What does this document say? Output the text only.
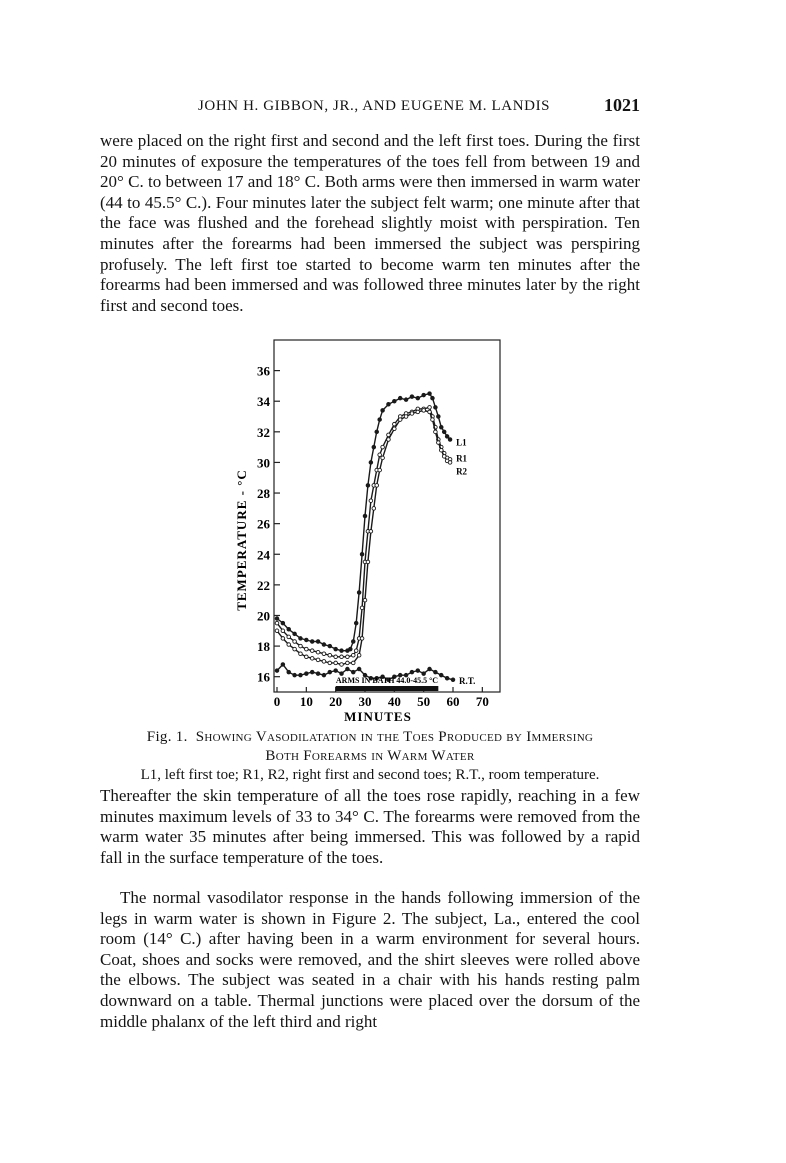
JOHN H. GIBBON, JR., AND EUGENE M. LANDIS	1021

were placed on the right first and second and the left first toes. During the first 20 minutes of exposure the temperatures of the toes fell from between 19 and 20° C. to between 17 and 18° C. Both arms were then immersed in warm water (44 to 45.5° C.). Four minutes later the subject felt warm; one minute after that the face was flushed and the forehead slightly moist with perspiration. Ten minutes after the forearms had been immersed the subject was perspiring profusely. The left first toe started to become warm ten minutes after the forearms had been immersed and was followed three minutes later by the right first and second toes.

16
18
20
22
24
26
28
30
32
34
36
0 10 20 30 40 50 60 70
L1
R1
R2
R.T.
ARMS IN BATH 44.0-45.5 °C
TEMPERATURE - °C
MINUTES
Fig. 1. Showing Vasodilatation in the Toes Produced by Immersing
Both Forearms in Warm Water
L1, left first toe; R1, R2, right first and second toes; R.T., room temperature.

Thereafter the skin temperature of all the toes rose rapidly, reaching in a few minutes maximum levels of 33 to 34° C. The forearms were removed from the warm water 35 minutes after being immersed. This was followed by a rapid fall in the surface temperature of the toes.

The normal vasodilator response in the hands following immersion of the legs in warm water is shown in Figure 2. The subject, La., entered the cool room (14° C.) after having been in a warm environment for several hours. Coat, shoes and socks were removed, and the shirt sleeves were rolled above the elbows. The subject was seated in a chair with his hands resting palm downward on a table. Thermal junctions were placed over the dorsum of the middle phalanx of the left third and right
